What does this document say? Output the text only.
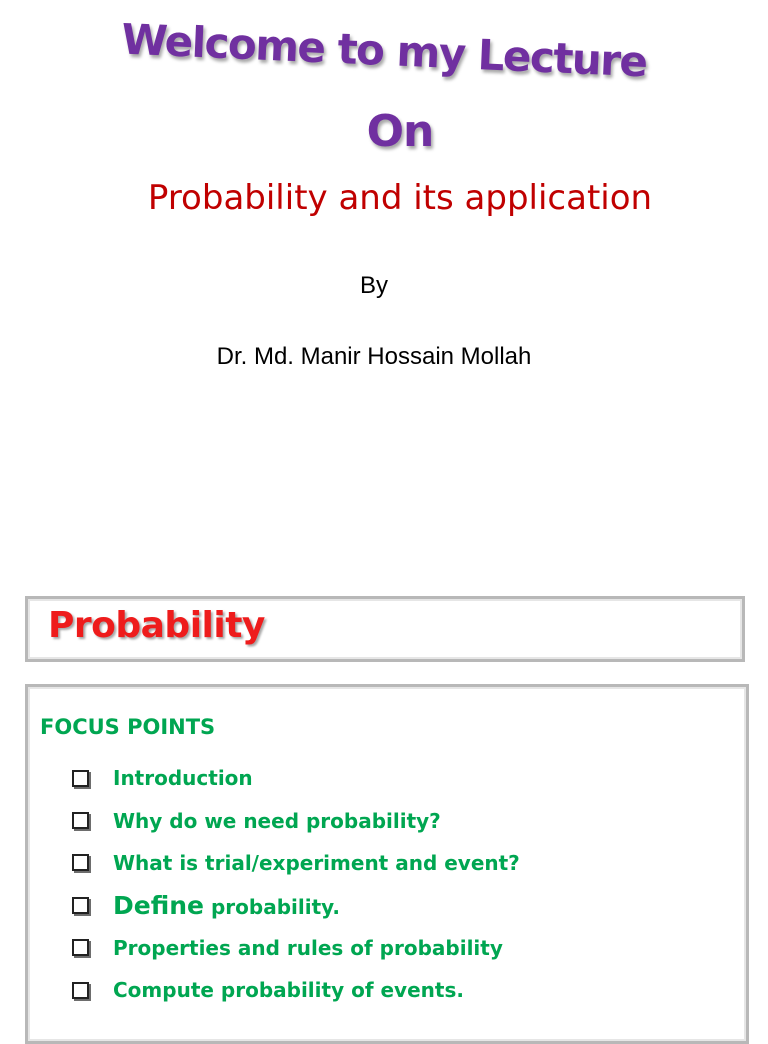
Welcome to my Lecture
On
Probability and its application
By
Dr. Md. Manir Hossain Mollah
Probability
FOCUS POINTS
Introduction
Why do we need probability?
What is trial/experiment and event?
Define probability.
Properties and rules of probability
Compute probability of events.
